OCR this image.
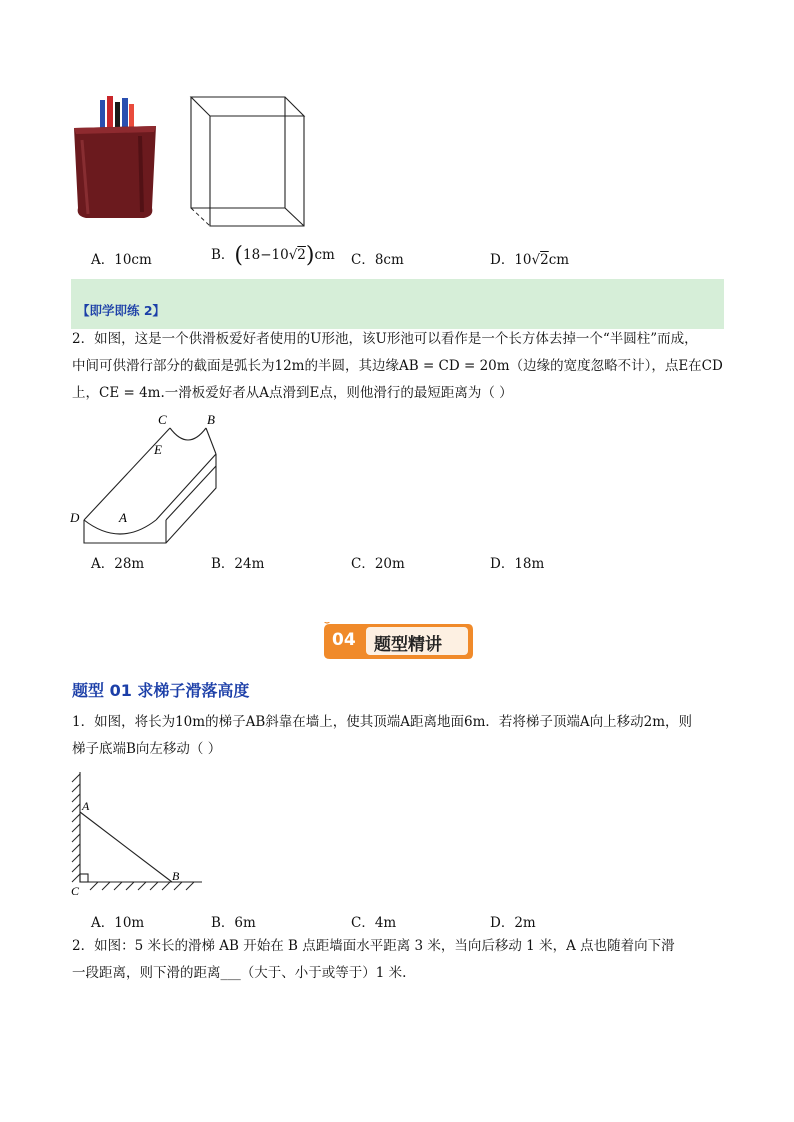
A．10cm	B．(18−10√2)cm C．8cm	D．10√2cm
【即学即练 2】
2．如图，这是一个供滑板爱好者使用的U形池，该U形池可以看作是一个长方体去掉一个“半圆柱”而成，
中间可供滑行部分的截面是弧长为12m的半圆，其边缘AB = CD = 20m（边缘的宽度忽略不计），点E在CD
上，CE = 4m.一滑板爱好者从A点滑到E点，则他滑行的最短距离为（ ）
C	B
E
D	A
A．28m	B．24m	C．20m	D．18m
04 题型精讲
题型 01 求梯子滑落高度
1．如图，将长为10m的梯子AB斜靠在墙上，使其顶端A距离地面6m．若将梯子顶端A向上移动2m，则
梯子底端B向左移动（ ）
A
B
C
A．10m	B．6m	C．4m	D．2m
2．如图：5 米长的滑梯 AB 开始在 B 点距墙面水平距离 3 米，当向后移动 1 米，A 点也随着向下滑
一段距离，则下滑的距离___（大于、小于或等于）1 米.
